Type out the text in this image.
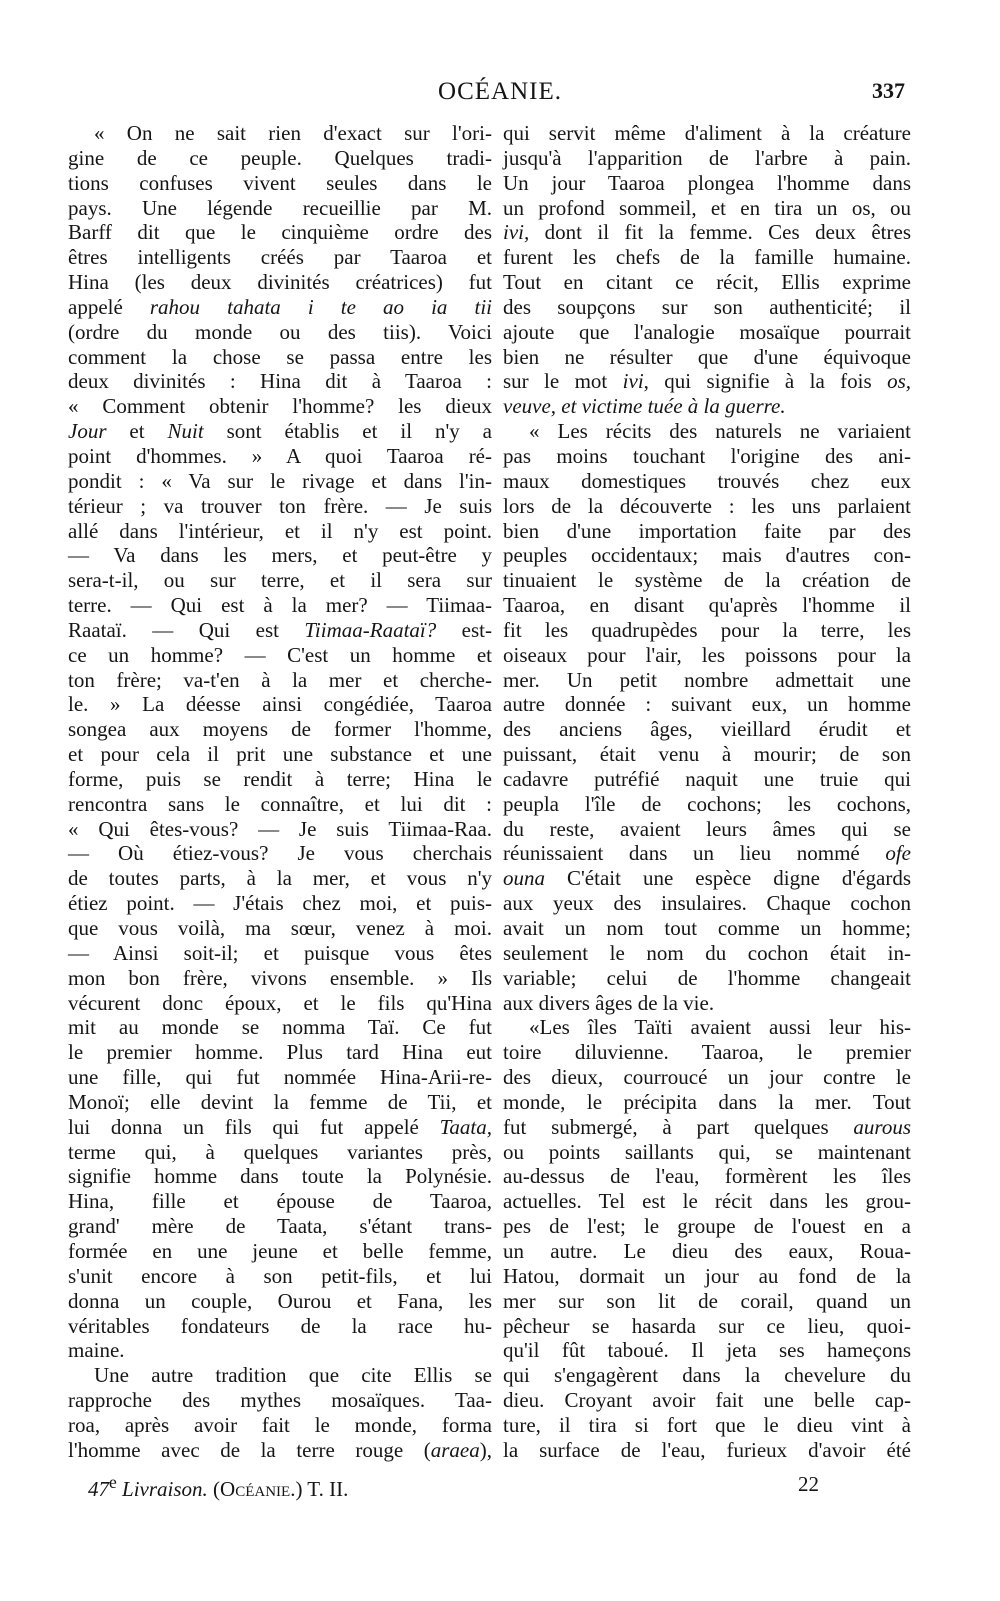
OCÉANIE.	337
« On ne sait rien d'exact sur l'ori-
gine de ce peuple. Quelques tradi-
tions confuses vivent seules dans le
pays. Une légende recueillie par M.
Barff dit que le cinquième ordre des
êtres intelligents créés par Taaroa et
Hina (les deux divinités créatrices) fut
appelé rahou tahata i te ao ia tii
(ordre du monde ou des tiis). Voici
comment la chose se passa entre les
deux divinités : Hina dit à Taaroa :
« Comment obtenir l'homme? les dieux
Jour et Nuit sont établis et il n'y a
point d'hommes. » A quoi Taaroa ré-
pondit : « Va sur le rivage et dans l'in-
térieur ; va trouver ton frère. — Je suis
allé dans l'intérieur, et il n'y est point.
— Va dans les mers, et peut-être y
sera-t-il, ou sur terre, et il sera sur
terre. — Qui est à la mer? — Tiimaa-
Raataï. — Qui est Tiimaa-Raataï? est-
ce un homme? — C'est un homme et
ton frère; va-t'en à la mer et cherche-
le. » La déesse ainsi congédiée, Taaroa
songea aux moyens de former l'homme,
et pour cela il prit une substance et une
forme, puis se rendit à terre; Hina le
rencontra sans le connaître, et lui dit :
« Qui êtes-vous? — Je suis Tiimaa-Raa.
— Où étiez-vous? Je vous cherchais
de toutes parts, à la mer, et vous n'y
étiez point. — J'étais chez moi, et puis-
que vous voilà, ma sœur, venez à moi.
— Ainsi soit-il; et puisque vous êtes
mon bon frère, vivons ensemble. » Ils
vécurent donc époux, et le fils qu'Hina
mit au monde se nomma Taï. Ce fut
le premier homme. Plus tard Hina eut
une fille, qui fut nommée Hina-Arii-re-
Monoï; elle devint la femme de Tii, et
lui donna un fils qui fut appelé Taata,
terme qui, à quelques variantes près,
signifie homme dans toute la Polynésie.
Hina, fille et épouse de Taaroa,
grand' mère de Taata, s'étant trans-
formée en une jeune et belle femme,
s'unit encore à son petit-fils, et lui
donna un couple, Ourou et Fana, les
véritables fondateurs de la race hu-
maine.
Une autre tradition que cite Ellis se
rapproche des mythes mosaïques. Taa-
roa, après avoir fait le monde, forma
l'homme avec de la terre rouge (araea),
qui servit même d'aliment à la créature
jusqu'à l'apparition de l'arbre à pain.
Un jour Taaroa plongea l'homme dans
un profond sommeil, et en tira un os, ou
ivi, dont il fit la femme. Ces deux êtres
furent les chefs de la famille humaine.
Tout en citant ce récit, Ellis exprime
des soupçons sur son authenticité; il
ajoute que l'analogie mosaïque pourrait
bien ne résulter que d'une équivoque
sur le mot ivi, qui signifie à la fois os,
veuve, et victime tuée à la guerre.
« Les récits des naturels ne variaient
pas moins touchant l'origine des ani-
maux domestiques trouvés chez eux
lors de la découverte : les uns parlaient
bien d'une importation faite par des
peuples occidentaux; mais d'autres con-
tinuaient le système de la création de
Taaroa, en disant qu'après l'homme il
fit les quadrupèdes pour la terre, les
oiseaux pour l'air, les poissons pour la
mer. Un petit nombre admettait une
autre donnée : suivant eux, un homme
des anciens âges, vieillard érudit et
puissant, était venu à mourir; de son
cadavre putréfié naquit une truie qui
peupla l'île de cochons; les cochons,
du reste, avaient leurs âmes qui se
réunissaient dans un lieu nommé ofe
ouna C'était une espèce digne d'égards
aux yeux des insulaires. Chaque cochon
avait un nom tout comme un homme;
seulement le nom du cochon était in-
variable; celui de l'homme changeait
aux divers âges de la vie.
«Les îles Taïti avaient aussi leur his-
toire diluvienne. Taaroa, le premier
des dieux, courroucé un jour contre le
monde, le précipita dans la mer. Tout
fut submergé, à part quelques aurous
ou points saillants qui, se maintenant
au-dessus de l'eau, formèrent les îles
actuelles. Tel est le récit dans les grou-
pes de l'est; le groupe de l'ouest en a
un autre. Le dieu des eaux, Roua-
Hatou, dormait un jour au fond de la
mer sur son lit de corail, quand un
pêcheur se hasarda sur ce lieu, quoi-
qu'il fût taboué. Il jeta ses hameçons
qui s'engagèrent dans la chevelure du
dieu. Croyant avoir fait une belle cap-
ture, il tira si fort que le dieu vint à
la surface de l'eau, furieux d'avoir été
47e Livraison. (Océanie.) T. II.	22
